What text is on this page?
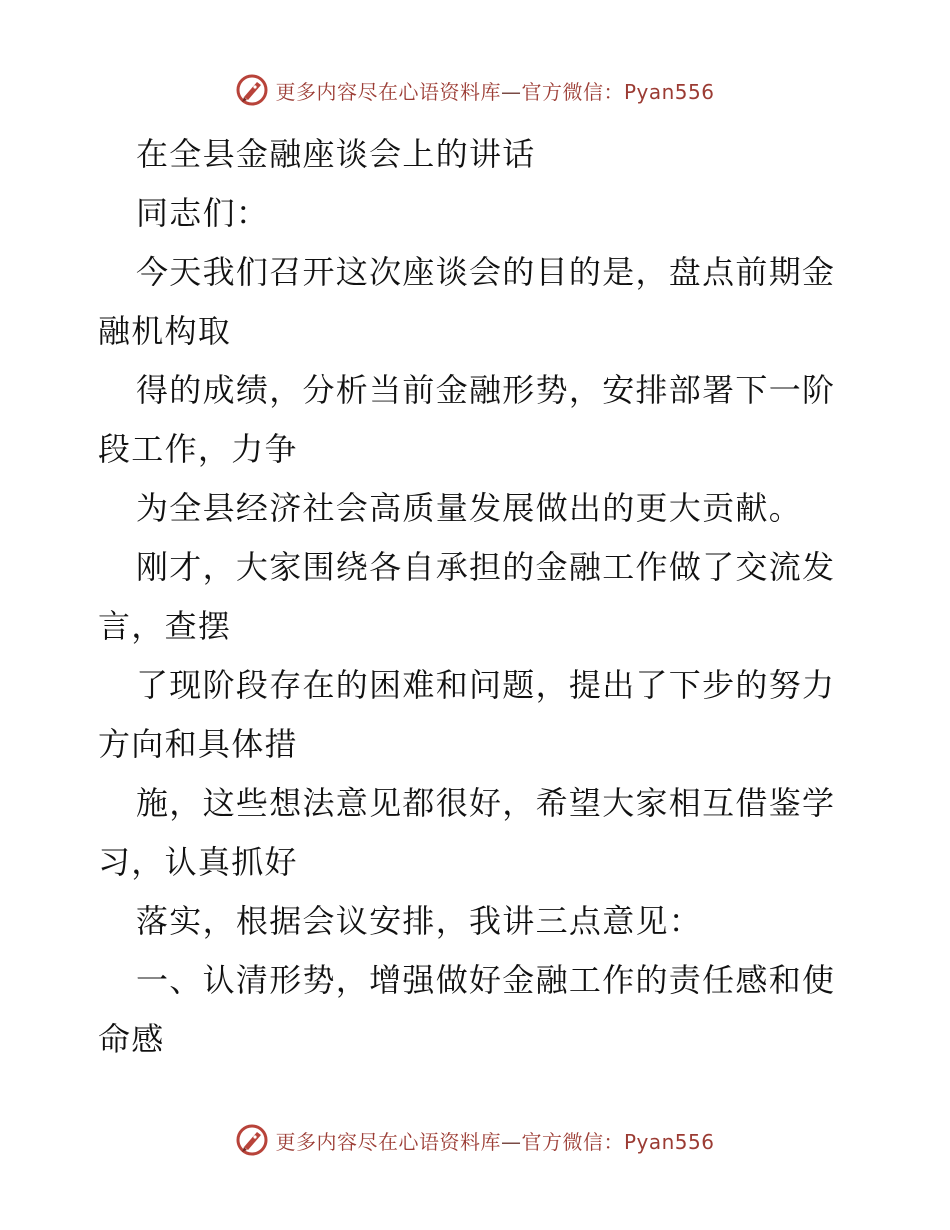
更多内容尽在心语资料库—官方微信：Pyan556
在全县金融座谈会上的讲话
同志们：
今天我们召开这次座谈会的目的是，盘点前期金
融机构取
得的成绩，分析当前金融形势，安排部署下一阶
段工作，力争
为全县经济社会高质量发展做出的更大贡献。
刚才，大家围绕各自承担的金融工作做了交流发
言，查摆
了现阶段存在的困难和问题，提出了下步的努力
方向和具体措
施，这些想法意见都很好，希望大家相互借鉴学
习，认真抓好
落实，根据会议安排，我讲三点意见：
一、认清形势，增强做好金融工作的责任感和使
命感
更多内容尽在心语资料库—官方微信：Pyan556
